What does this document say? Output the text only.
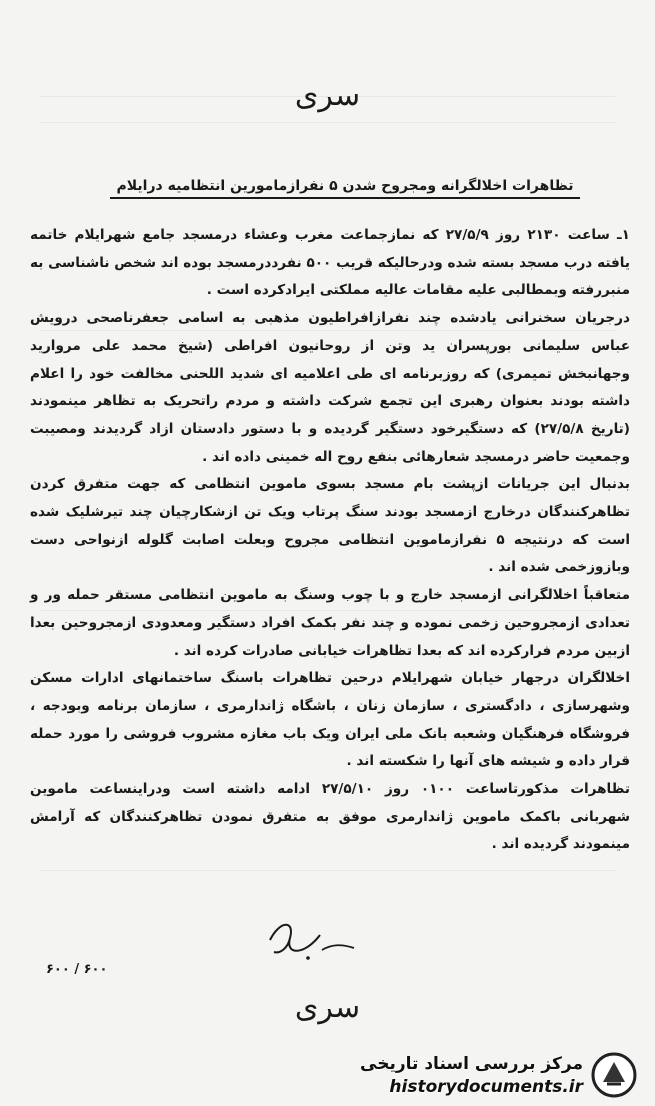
سری
تظاهرات اخلالگرانه ومجروح شدن ۵ نفرازمامورین انتظامیه درایلام

۱ـ ساعت ۲۱۳۰ روز ۲۷/۵/۹ که نمازجماعت مغرب وعشاء درمسجد جامع شهرایلام خاتمه یافته درب مسجد بسته شده ودرحالیکه قریب ۵۰۰ نفرددرمسجد بوده اند شخص ناشناسی به منبررفته وبمطالبی علیه مقامات عالیه مملکتی ایرادکرده است .

درجریان سخنرانی یادشده چند نفرازافراطیون مذهبی به اسامی جعفرناصحی درویش عباس سلیمانی بورپسران ید وتن از روحانیون افراطی (شیخ محمد علی مروارید وجهانبخش تمیمری) که روزبرنامه ای طی اعلامیه ای شدید اللحنی مخالفت خود را اعلام داشته بودند بعنوان رهبری این تجمع شرکت داشته و مردم راتحریک به تظاهر مینمودند (تاریخ ۲۷/۵/۸) که دستگیرخود دستگیر گردیده و با دستور دادستان ازاد گردیدند ومصیبت وجمعیت حاضر درمسجد شعارهائی بنفع روح اله خمینی داده اند .

بدنبال این جریانات ازپشت بام مسجد بسوی ماموین انتظامی که جهت متفرق کردن تظاهرکنندگان درخارج ازمسجد بودند سنگ پرتاب ویک تن ازشکارچیان چند تیرشلیک شده است که درنتیجه ۵ نفرازماموین انتظامی مجروح وبعلت اصابت گلوله ازنواحی دست وبازوزخمی شده اند .

متعاقباً اخلالگرانی ازمسجد خارج و با چوب وسنگ به ماموین انتظامی مستقر حمله ور و تعدادی ازمجروحین زخمی نموده و چند نفر بکمک افراد دستگیر ومعدودی ازمجروحین بعدا ازبین مردم فرارکرده اند که بعدا تظاهرات خیابانی صادرات کرده اند .

اخلالگران درجهار خیابان شهرایلام درحین تظاهرات باسنگ ساختمانهای ادارات مسکن وشهرسازی ، دادگستری ، سازمان زنان ، باشگاه ژاندارمری ، سازمان برنامه وبودجه ، فروشگاه فرهنگیان وشعبه بانک ملی ایران ویک باب مغازه مشروب فروشی را مورد حمله قرار داده و شیشه های آنها را شکسته اند .

تظاهرات مذکورتاساعت ۰۱۰۰ روز ۲۷/۵/۱۰ ادامه داشته است ودراینساعت ماموین شهربانی باکمک ماموین ژاندارمری موفق به متفرق نمودن تظاهرکنندگان که آرامش مینمودند گردیده اند .

۶۰۰ / ۶۰۰
سری
مرکز بررسی اسناد تاریخی
historydocuments.ir
